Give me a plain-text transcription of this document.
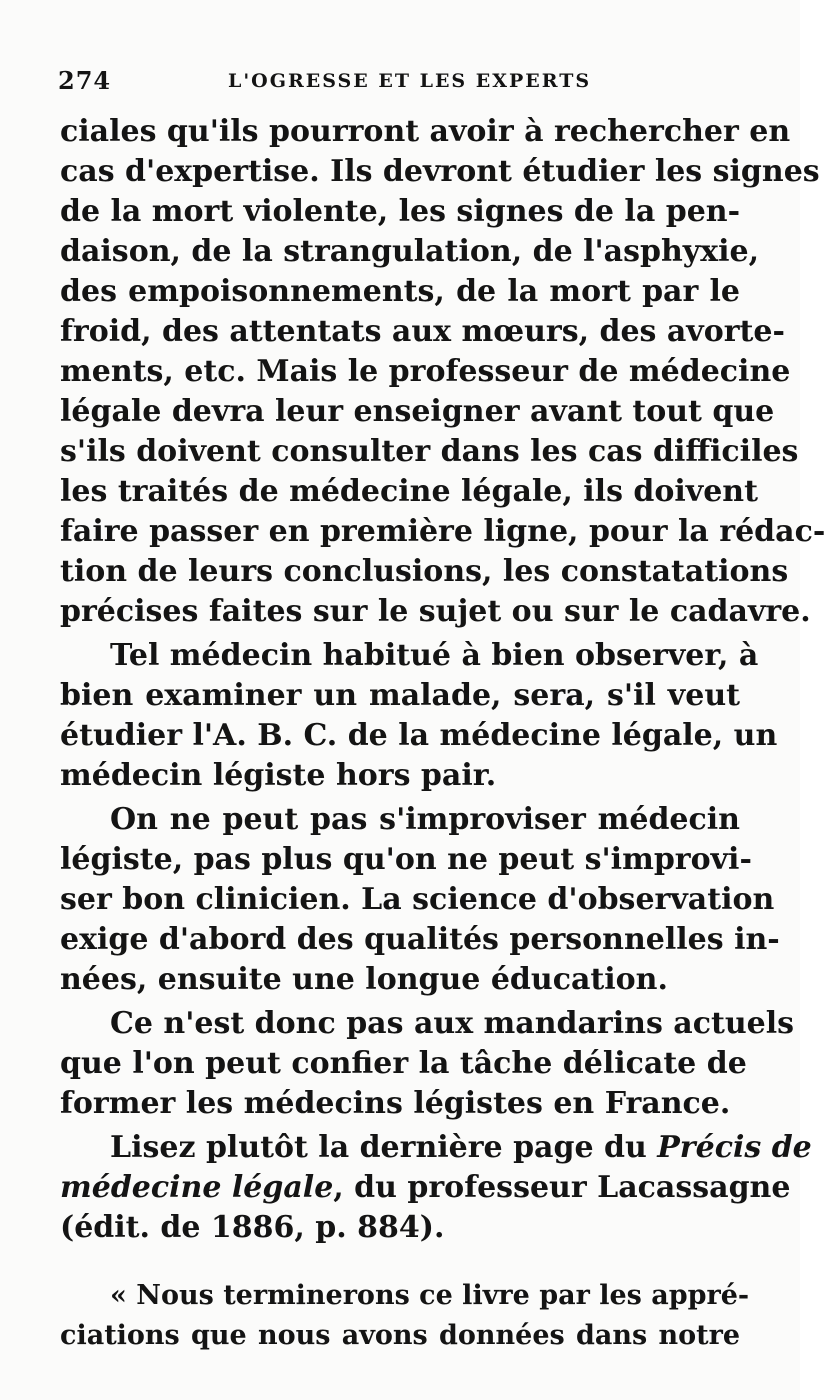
274	L'OGRESSE ET LES EXPERTS
ciales qu'ils pourront avoir à rechercher en
cas d'expertise. Ils devront étudier les signes
de la mort violente, les signes de la pen-
daison, de la strangulation, de l'asphyxie,
des empoisonnements, de la mort par le
froid, des attentats aux mœurs, des avorte-
ments, etc. Mais le professeur de médecine
légale devra leur enseigner avant tout que
s'ils doivent consulter dans les cas difficiles
les traités de médecine légale, ils doivent
faire passer en première ligne, pour la rédac-
tion de leurs conclusions, les constatations
précises faites sur le sujet ou sur le cadavre.
Tel médecin habitué à bien observer, à
bien examiner un malade, sera, s'il veut
étudier l'A. B. C. de la médecine légale, un
médecin légiste hors pair.
On ne peut pas s'improviser médecin
légiste, pas plus qu'on ne peut s'improvi-
ser bon clinicien. La science d'observation
exige d'abord des qualités personnelles in-
nées, ensuite une longue éducation.
Ce n'est donc pas aux mandarins actuels
que l'on peut confier la tâche délicate de
former les médecins légistes en France.
Lisez plutôt la dernière page du Précis de
médecine légale, du professeur Lacassagne
(édit. de 1886, p. 884).
« Nous terminerons ce livre par les appré-
ciations que nous avons données dans notre
